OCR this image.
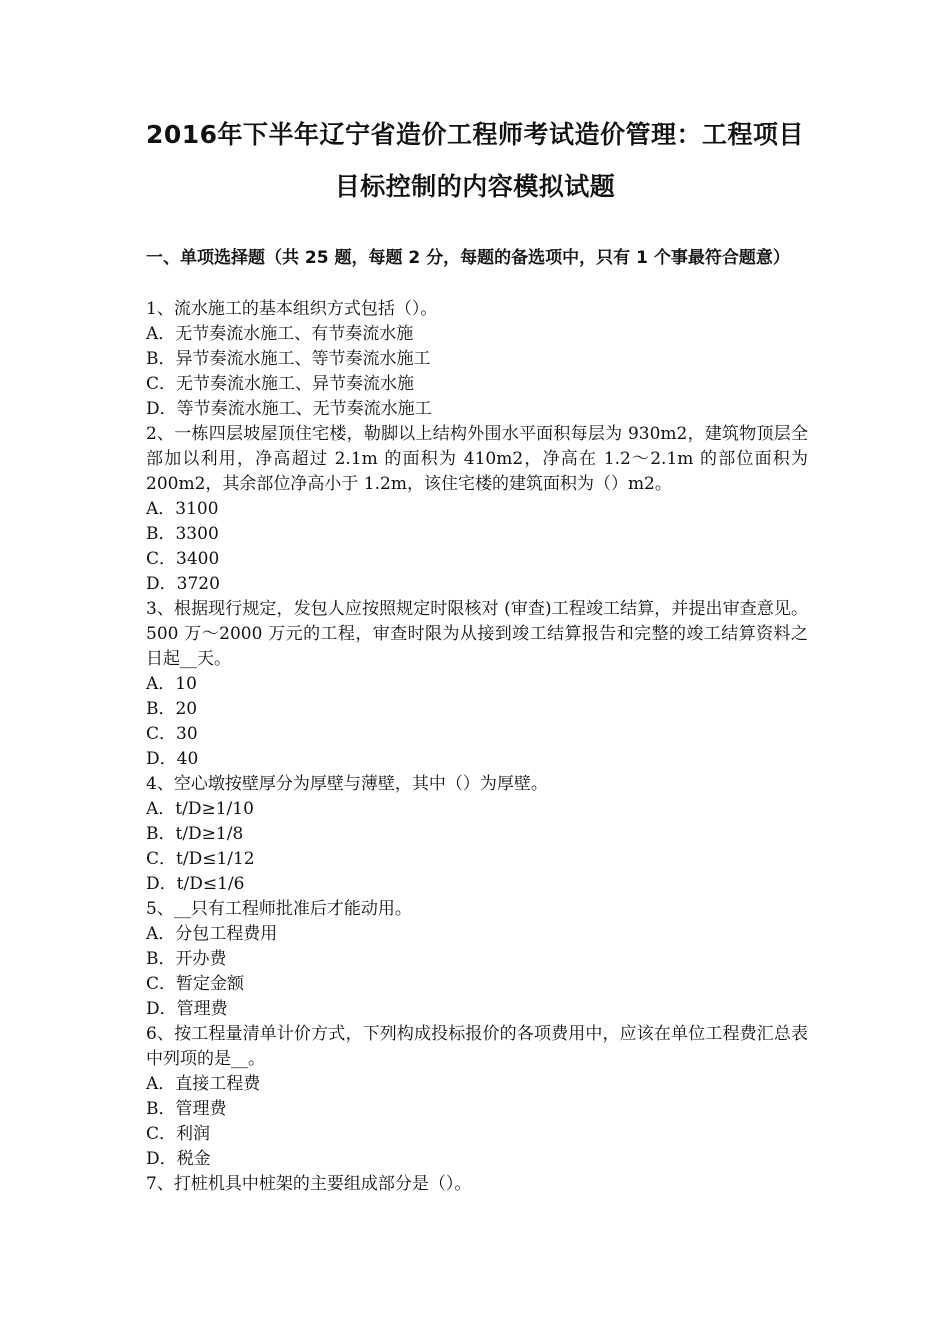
2016年下半年辽宁省造价工程师考试造价管理：工程项目
目标控制的内容模拟试题
一、单项选择题（共 25 题，每题 2 分，每题的备选项中，只有 1 个事最符合题意）
1、流水施工的基本组织方式包括（）。
A．无节奏流水施工、有节奏流水施
B．异节奏流水施工、等节奏流水施工
C．无节奏流水施工、异节奏流水施
D．等节奏流水施工、无节奏流水施工
2、一栋四层坡屋顶住宅楼，勒脚以上结构外围水平面积每层为 930m2，建筑物顶层全部加以利用，净高超过 2.1m 的面积为 410m2，净高在 1.2～2.1m 的部位面积为 200m2，其余部位净高小于 1.2m，该住宅楼的建筑面积为（）m2。
A．3100
B．3300
C．3400
D．3720
3、根据现行规定，发包人应按照规定时限核对 (审查)工程竣工结算，并提出审查意见。500 万～2000 万元的工程，审查时限为从接到竣工结算报告和完整的竣工结算资料之日起__天。
A．10
B．20
C．30
D．40
4、空心墩按壁厚分为厚壁与薄壁，其中（）为厚壁。
A．t/D≥1/10
B．t/D≥1/8
C．t/D≤1/12
D．t/D≤1/6
5、__只有工程师批准后才能动用。
A．分包工程费用
B．开办费
C．暂定金额
D．管理费
6、按工程量清单计价方式，下列构成投标报价的各项费用中，应该在单位工程费汇总表中列项的是__。
A．直接工程费
B．管理费
C．利润
D．税金
7、打桩机具中桩架的主要组成部分是（）。
